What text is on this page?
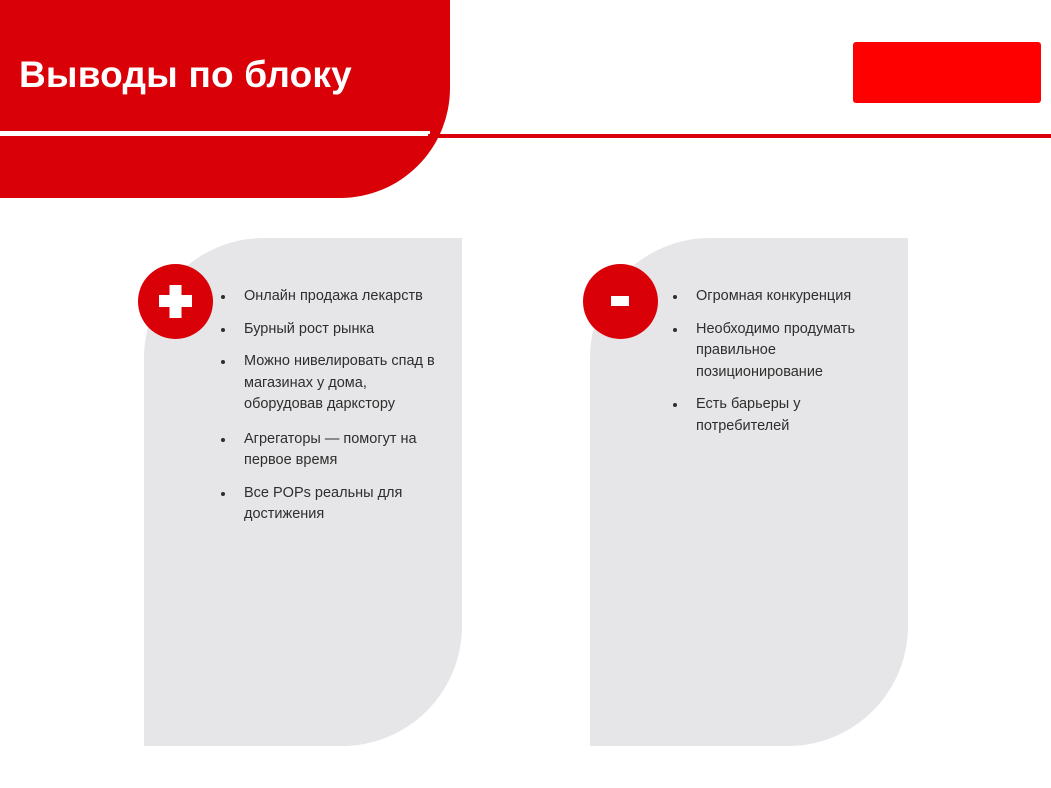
Выводы по блоку
Онлайн продажа лекарств
Бурный рост рынка
Можно нивелировать спад в магазинах у дома, оборудовав даркстору
Агрегаторы — помогут на первое время
Все POPs реальны для достижения
Огромная конкуренция
Необходимо продумать правильное позиционирование
Есть барьеры у потребителей
